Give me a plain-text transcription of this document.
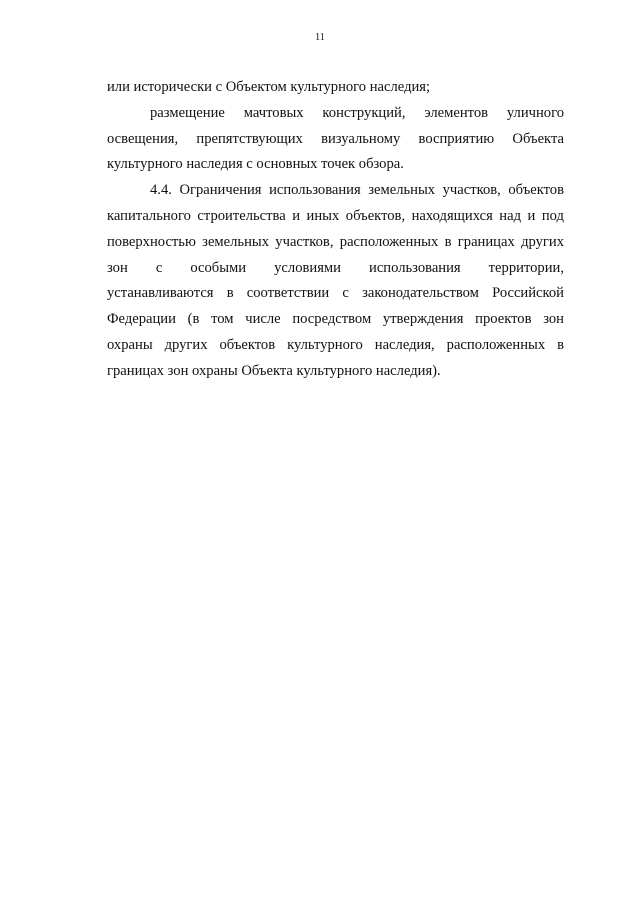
11
или исторически с Объектом культурного наследия;
размещение мачтовых конструкций, элементов уличного
освещения, препятствующих визуальному восприятию Объекта
культурного наследия с основных точек обзора.
4.4. Ограничения использования земельных участков, объектов
капитального строительства и иных объектов, находящихся над и под
поверхностью земельных участков, расположенных в границах других
зон с особыми условиями использования территории,
устанавливаются в соответствии с законодательством Российской
Федерации (в том числе посредством утверждения проектов зон
охраны других объектов культурного наследия, расположенных в
границах зон охраны Объекта культурного наследия).
